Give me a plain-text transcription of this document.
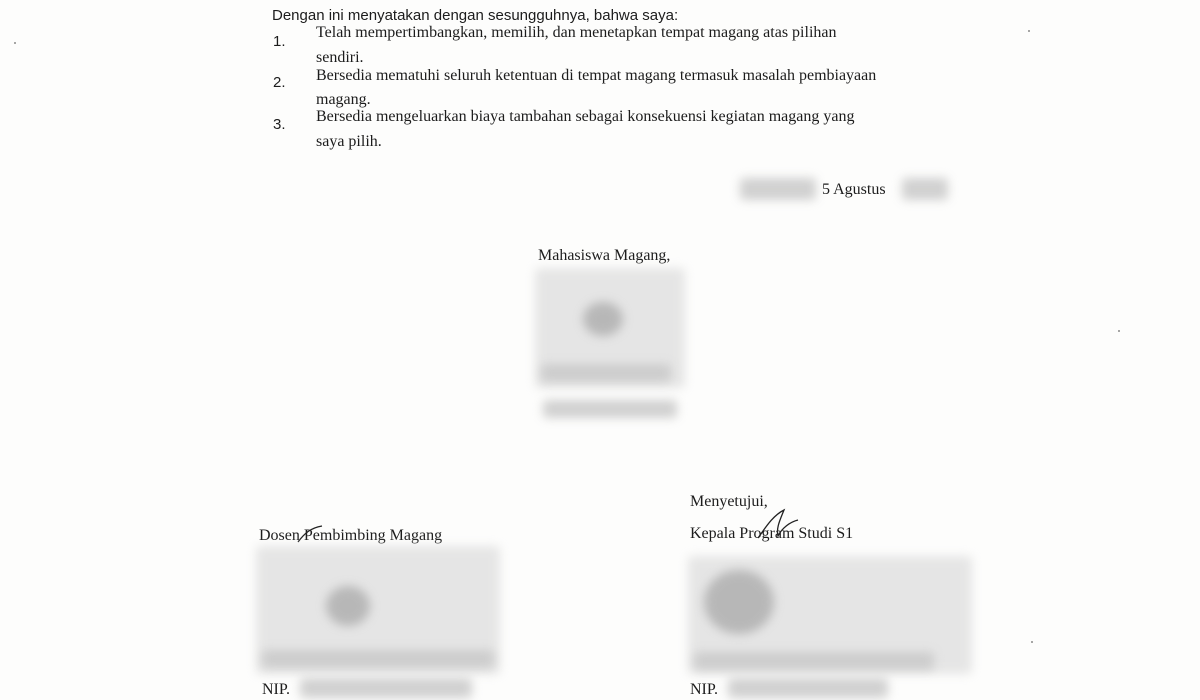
Dengan ini menyatakan dengan sesungguhnya, bahwa saya:
1.
Telah mempertimbangkan, memilih, dan menetapkan tempat magang atas pilihan
sendiri.
2. Bersedia mematuhi seluruh ketentuan di tempat magang termasuk masalah pembiayaan
magang.
3. Bersedia mengeluarkan biaya tambahan sebagai konsekuensi kegiatan magang yang
saya pilih.
5 Agustus
Mahasiswa Magang,
Menyetujui,
Dosen Pembimbing Magang
NIP.
Kepala Program Studi S1
NIP.
